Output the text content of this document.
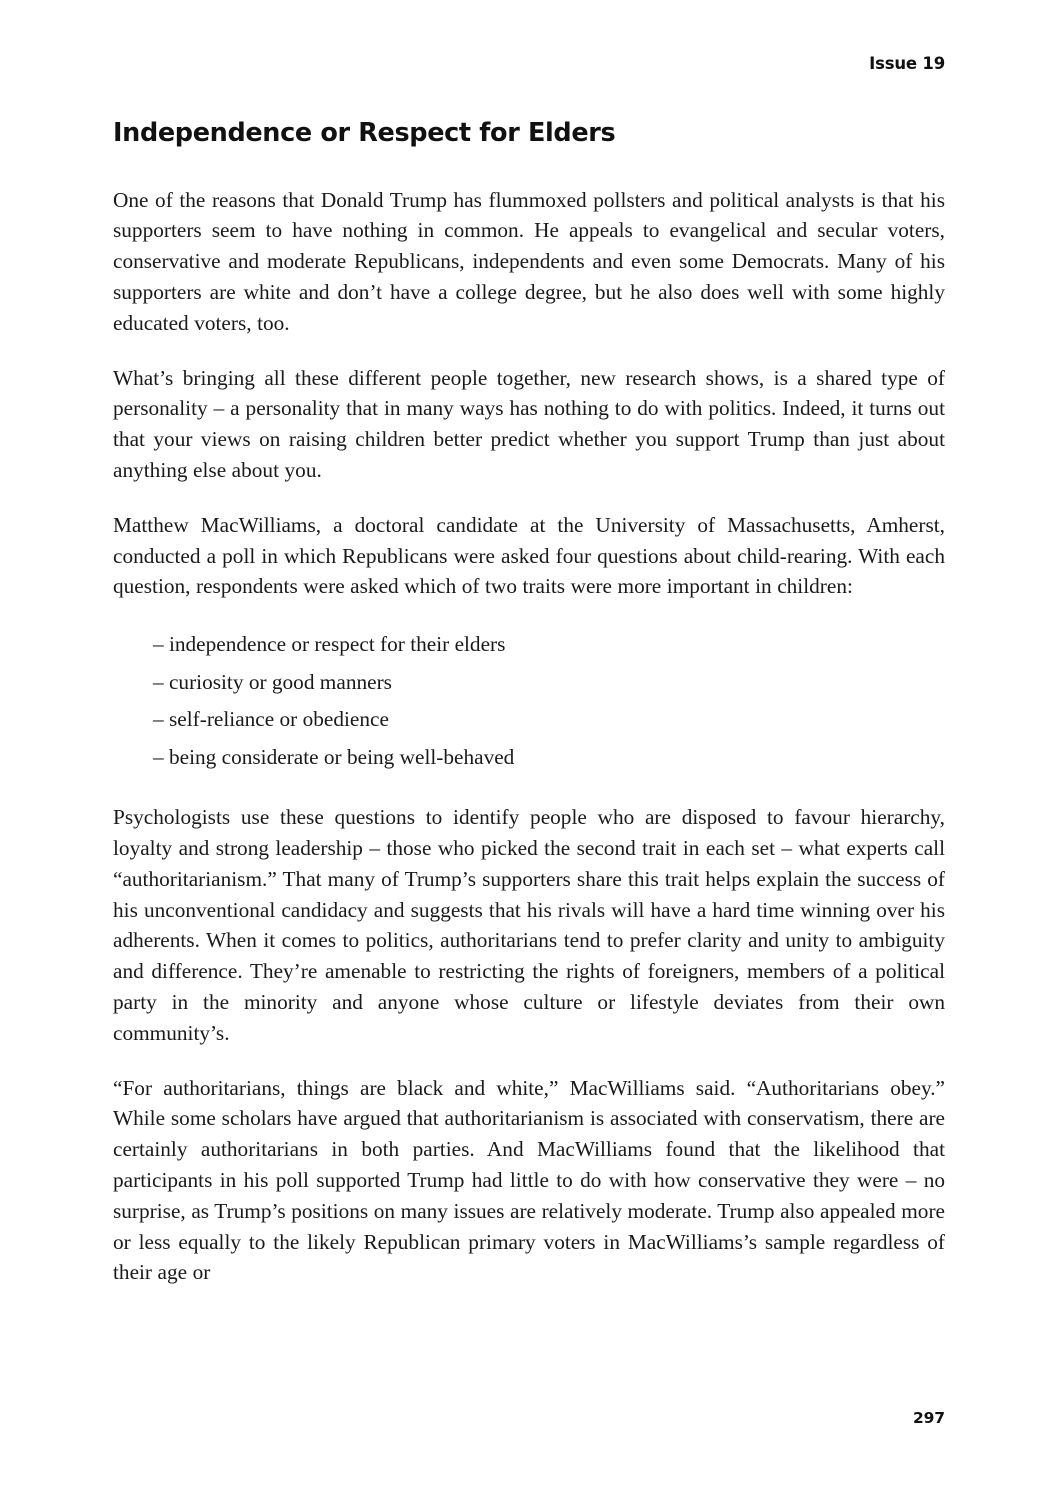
Issue 19
Independence or Respect for Elders

One of the reasons that Donald Trump has flummoxed pollsters and political analysts is that his supporters seem to have nothing in common. He appeals to evangelical and secular voters, conservative and moderate Republicans, independents and even some Democrats. Many of his supporters are white and don’t have a college degree, but he also does well with some highly educated voters, too.

What’s bringing all these different people together, new research shows, is a shared type of personality – a personality that in many ways has nothing to do with politics. Indeed, it turns out that your views on raising children better predict whether you support Trump than just about anything else about you.

Matthew MacWilliams, a doctoral candidate at the University of Massachusetts, Amherst, conducted a poll in which Republicans were asked four questions about child-rearing. With each question, respondents were asked which of two traits were more important in children:

– independence or respect for their elders
– curiosity or good manners
– self-reliance or obedience
– being considerate or being well-behaved

Psychologists use these questions to identify people who are disposed to favour hierarchy, loyalty and strong leadership – those who picked the second trait in each set – what experts call “authoritarianism.” That many of Trump’s supporters share this trait helps explain the success of his unconventional candidacy and suggests that his rivals will have a hard time winning over his adherents. When it comes to politics, authoritarians tend to prefer clarity and unity to ambiguity and difference. They’re amenable to restricting the rights of foreigners, members of a political party in the minority and anyone whose culture or lifestyle deviates from their own community’s.

“For authoritarians, things are black and white,” MacWilliams said. “Authoritarians obey.” While some scholars have argued that authoritarianism is associated with conservatism, there are certainly authoritarians in both parties. And MacWilliams found that the likelihood that participants in his poll supported Trump had little to do with how conservative they were – no surprise, as Trump’s positions on many issues are relatively moderate. Trump also appealed more or less equally to the likely Republican primary voters in MacWilliams’s sample regardless of their age or

297
